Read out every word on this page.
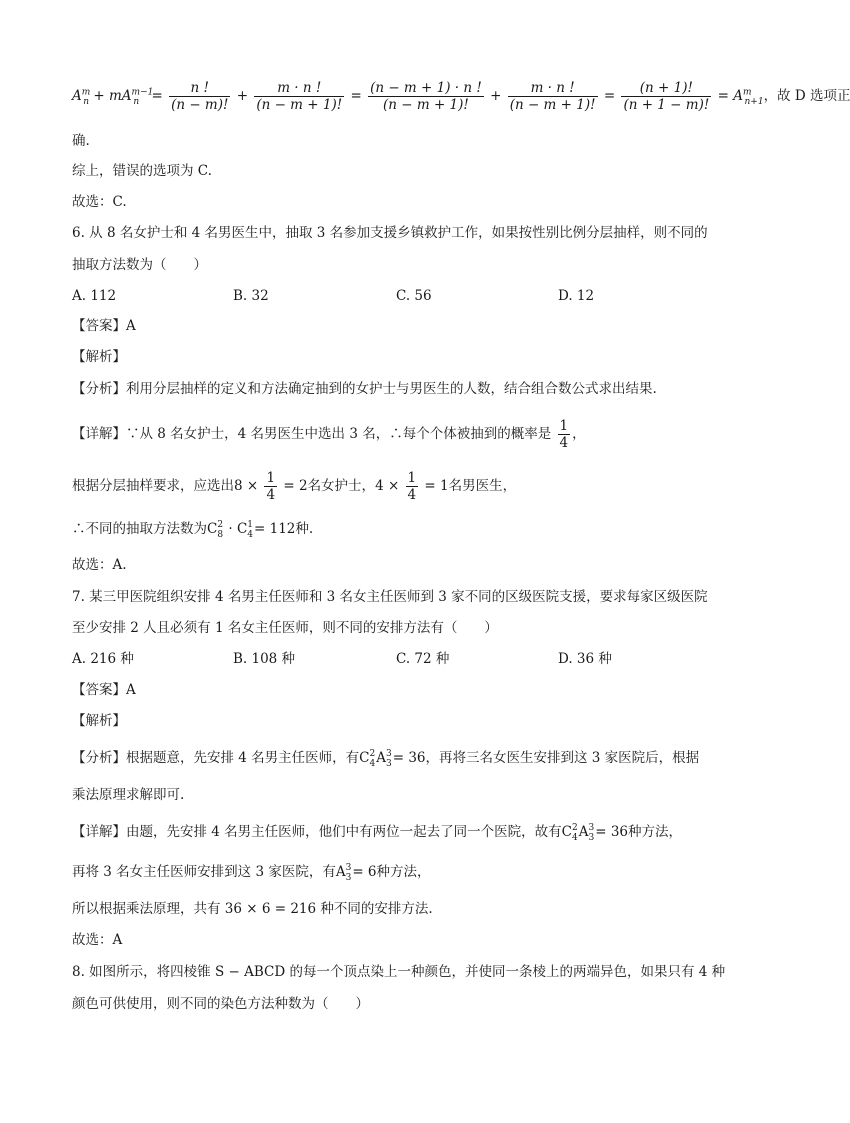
$A^m_n + mA^{m-1}_n = \frac{n !}{(n - m)!} + \frac{m \cdot n !}{(n - m + 1)!} = \frac{(n - m + 1) \cdot n !}{(n - m + 1)!} + \frac{m \cdot n !}{(n - m + 1)!} = \frac{(n + 1)!}{(n + 1 - m)!} = A^m_{n+1}$，故 D 选项正
确.
综上，错误的选项为 C.
故选：C.
6. 从 8 名女护士和 4 名男医生中，抽取 3 名参加支援乡镇救护工作，如果按性别比例分层抽样，则不同的
抽取方法数为（　　）
A. 112	B. 32	C. 56	D. 12
【答案】A
【解析】
【分析】利用分层抽样的定义和方法确定抽到的女护士与男医生的人数，结合组合数公式求出结果.
【详解】∵从 8 名女护士，4 名男医生中选出 3 名，∴每个个体被抽到的概率是 $\frac{1}{4}$ ，
根据分层抽样要求，应选出$8 \times \frac{1}{4} = 2$名女护士，$4 \times \frac{1}{4} = 1$名男医生，
∴不同的抽取方法数为C 2
8 · C 1
4 = 112种.
故选：A.
7. 某三甲医院组织安排 4 名男主任医师和 3 名女主任医师到 3 家不同的区级医院支援，要求每家区级医院
至少安排 2 人且必须有 1 名女主任医师，则不同的安排方法有（　　）
A. 216 种	B. 108 种	C. 72 种	D. 36 种
【答案】A
【解析】
【分析】根据题意，先安排 4 名男主任医师，有C 2
4 A 3
3 = 36，再将三名女医生安排到这 3 家医院后，根据
乘法原理求解即可.
【详解】由题，先安排 4 名男主任医师，他们中有两位一起去了同一个医院，故有C 2
4 A 3
3 = 36种方法，
再将 3 名女主任医师安排到这 3 家医院，有A 3
3 = 6种方法，
所以根据乘法原理，共有 36 × 6 = 216 种不同的安排方法.
故选：A
8. 如图所示，将四棱锥 S − ABCD 的每一个顶点染上一种颜色，并使同一条棱上的两端异色，如果只有 4 种
颜色可供使用，则不同的染色方法种数为（　　）
